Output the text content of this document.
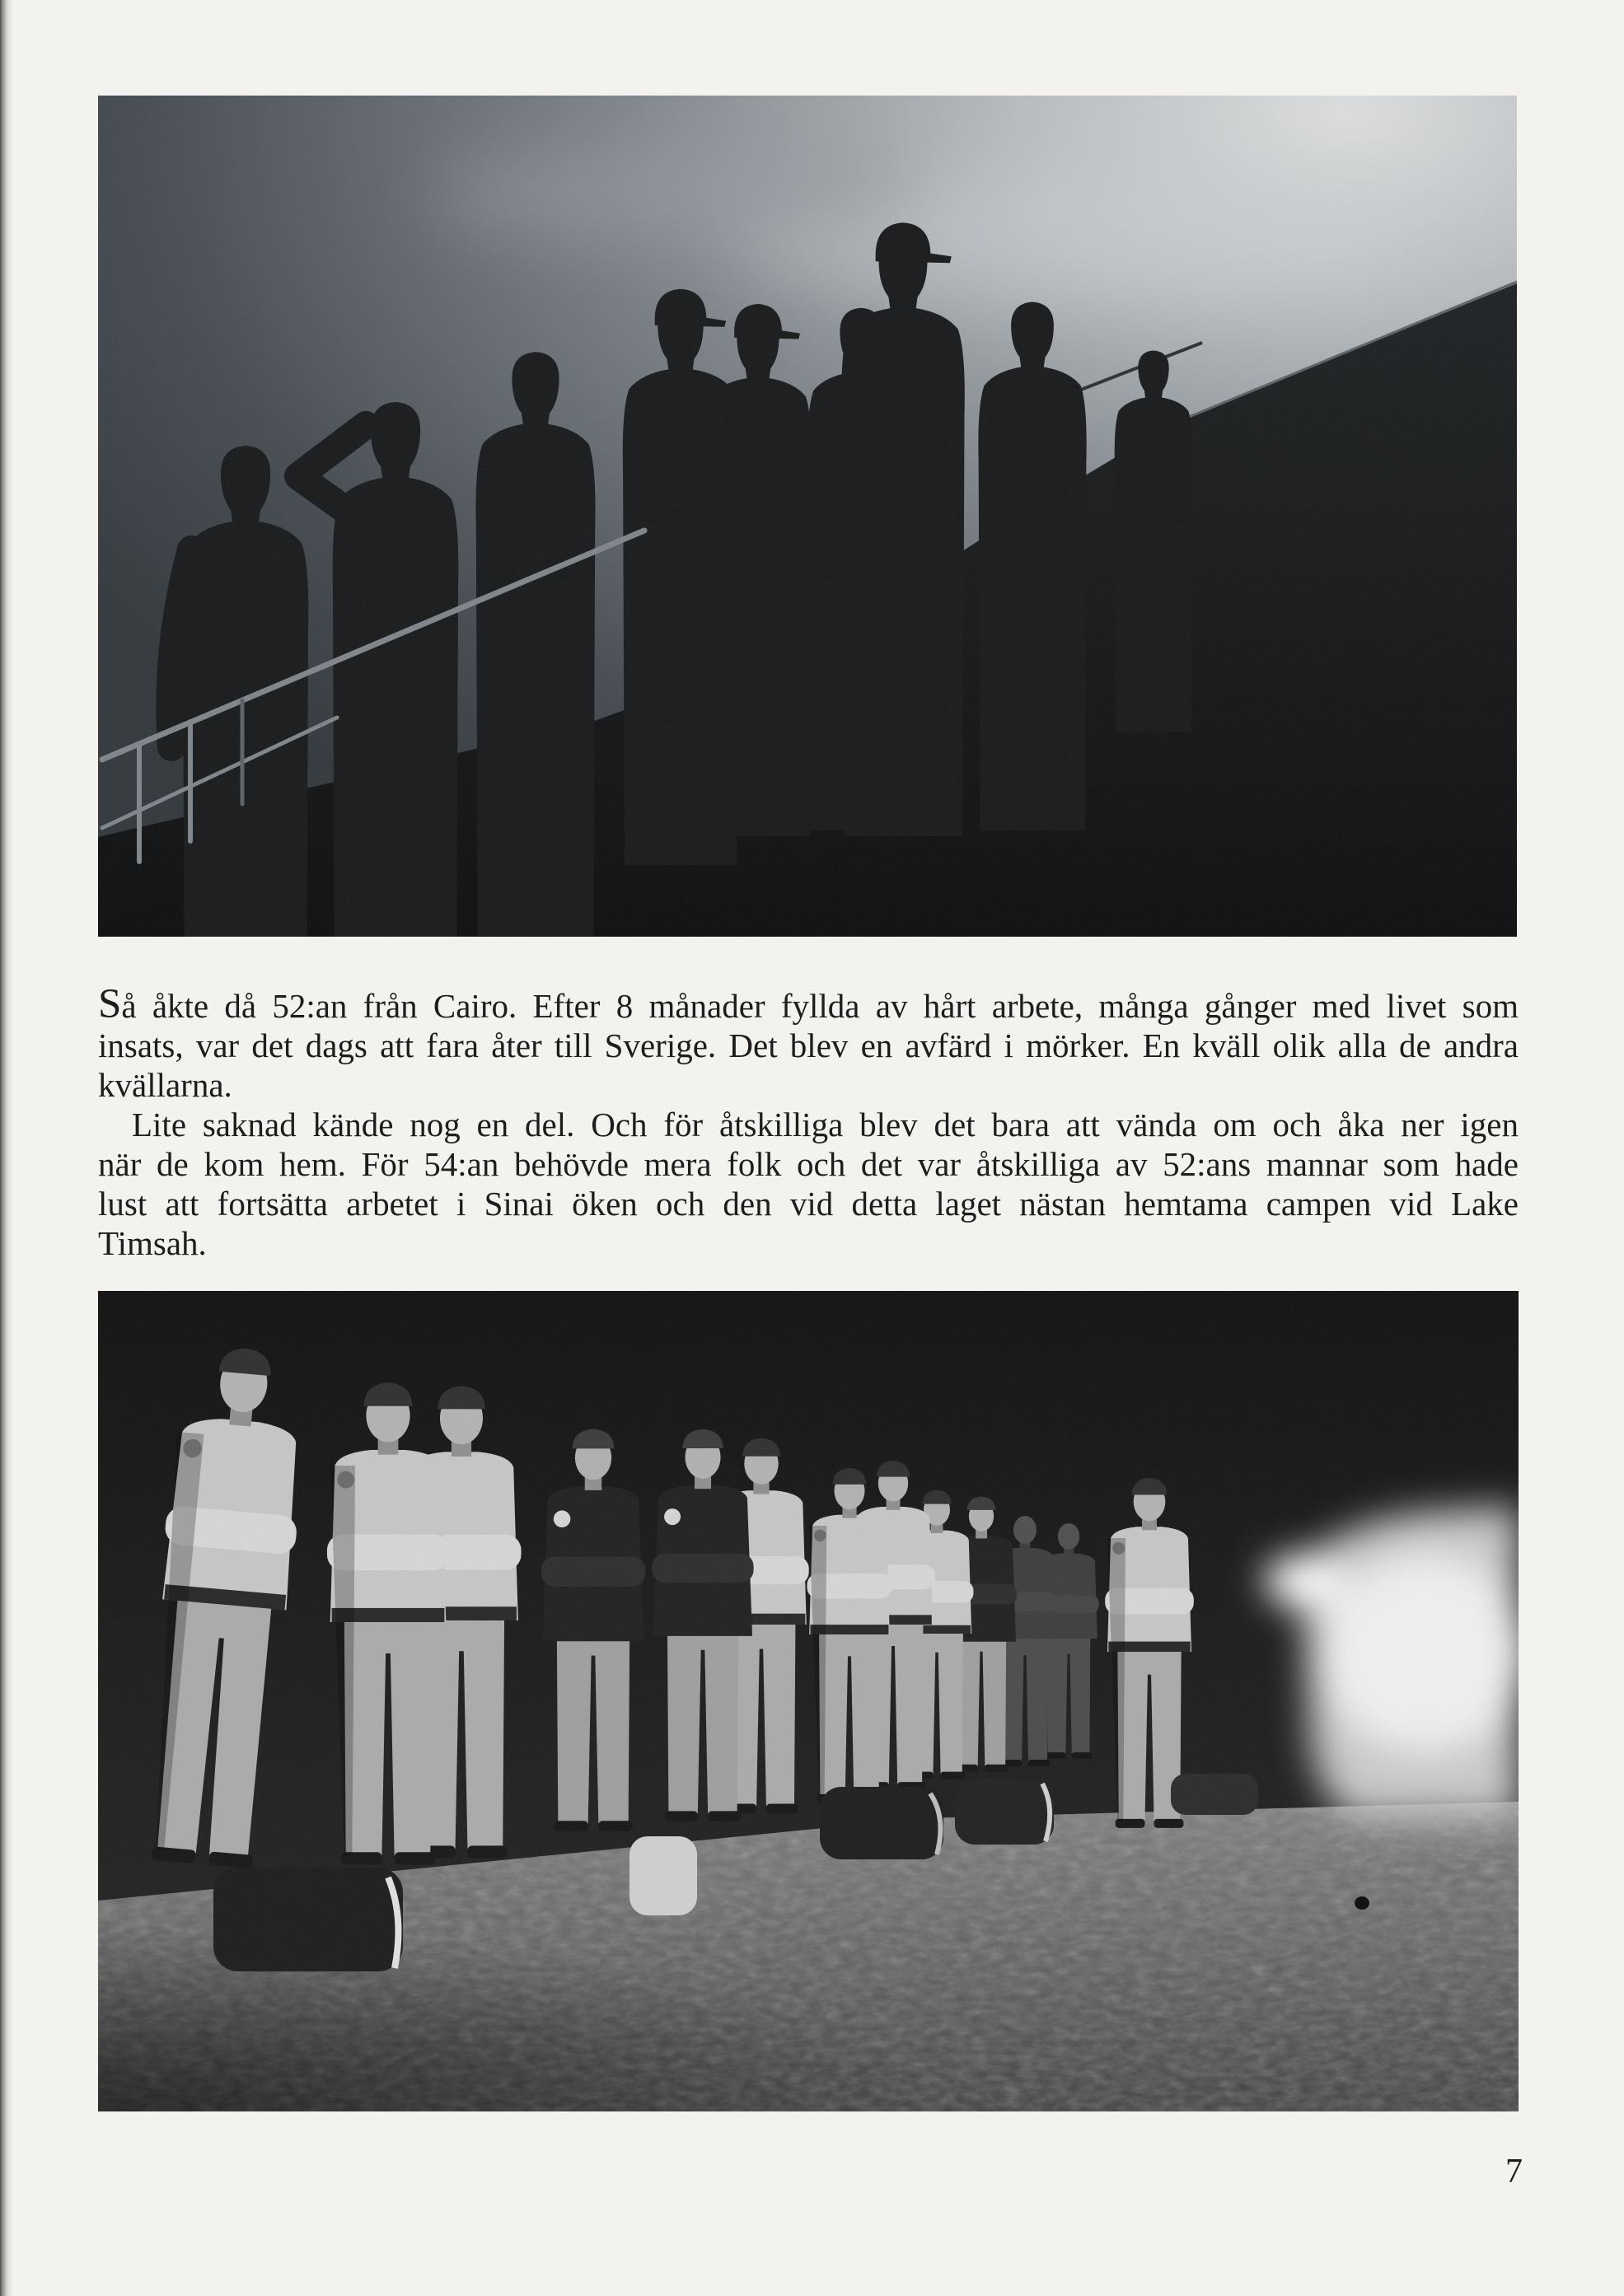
Så åkte då 52:an från Cairo. Efter 8 månader fyllda av hårt arbete, många gånger med livet som
insats, var det dags att fara åter till Sverige. Det blev en avfärd i mörker. En kväll olik alla de andra
kvällarna.
Lite saknad kände nog en del. Och för åtskilliga blev det bara att vända om och åka ner igen
när de kom hem. För 54:an behövde mera folk och det var åtskilliga av 52:ans mannar som hade
lust att fortsätta arbetet i Sinai öken och den vid detta laget nästan hemtama campen vid Lake
Timsah.
7
